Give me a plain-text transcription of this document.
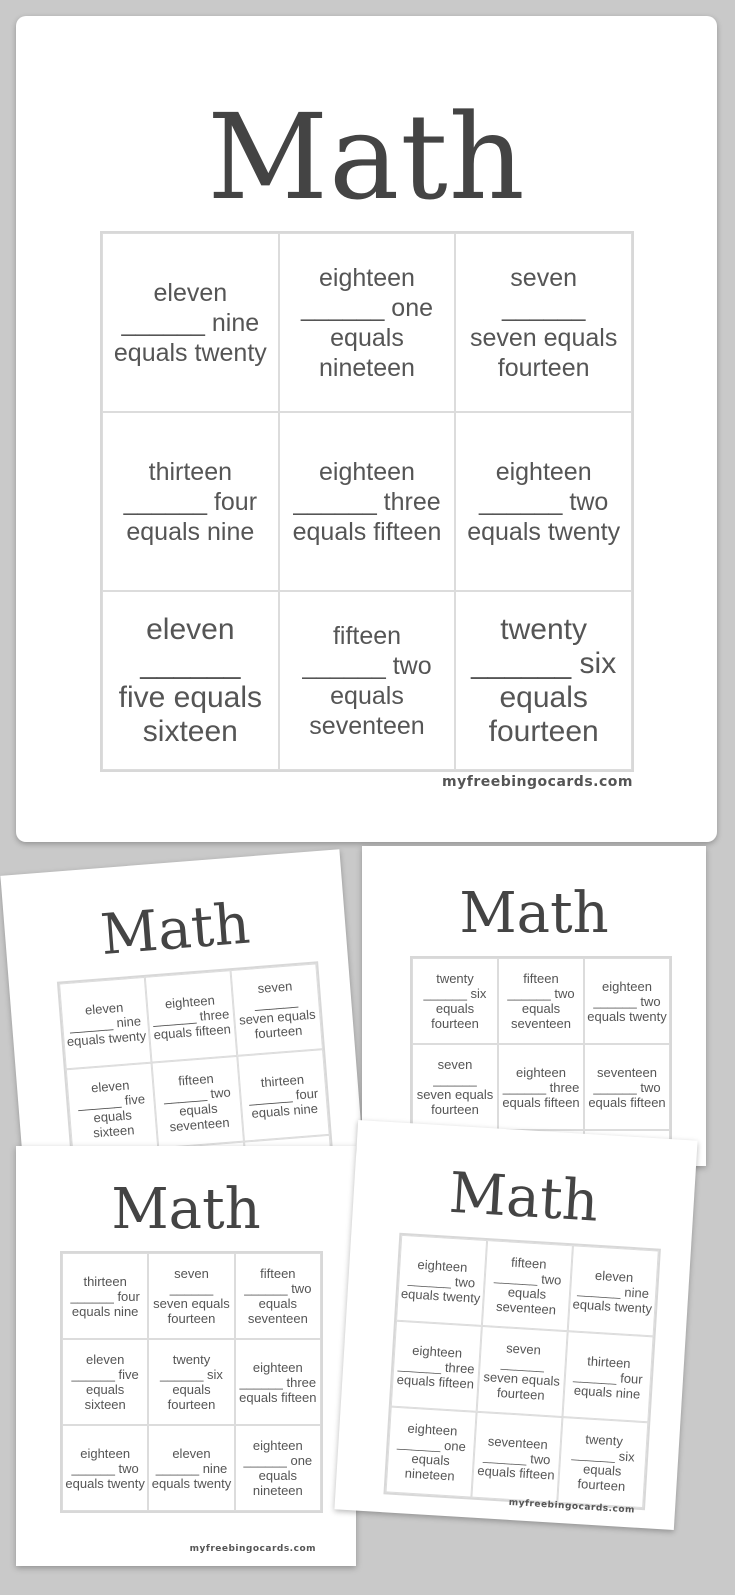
Math
eleven ______ nine equals twenty
eighteen ______ one equals nineteen
seven ______ seven equals fourteen
thirteen ______ four equals nine
eighteen ______ three equals fifteen
eighteen ______ two equals twenty
eleven ______ five equals sixteen
fifteen ______ two equals seventeen
twenty ______ six equals fourteen
myfreebingocards.com
Math
eleven ______ nine equals twenty
eighteen ______ three equals fifteen
seven ______ seven equals fourteen
eleven ______ five equals sixteen
fifteen ______ two equals seventeen
thirteen ______ four equals nine
Math
twenty ______ six equals fourteen
fifteen ______ two equals seventeen
eighteen ______ two equals twenty
seven ______ seven equals fourteen
eighteen ______ three equals fifteen
seventeen ______ two equals fifteen
Math
thirteen ______ four equals nine
seven ______ seven equals fourteen
fifteen ______ two equals seventeen
eleven ______ five equals sixteen
twenty ______ six equals fourteen
eighteen ______ three equals fifteen
eighteen ______ two equals twenty
eleven ______ nine equals twenty
eighteen ______ one equals nineteen
myfreebingocards.com
Math
eighteen ______ two equals twenty
fifteen ______ two equals seventeen
eleven ______ nine equals twenty
eighteen ______ three equals fifteen
seven ______ seven equals fourteen
thirteen ______ four equals nine
eighteen ______ one equals nineteen
seventeen ______ two equals fifteen
twenty ______ six equals fourteen
myfreebingocards.com
